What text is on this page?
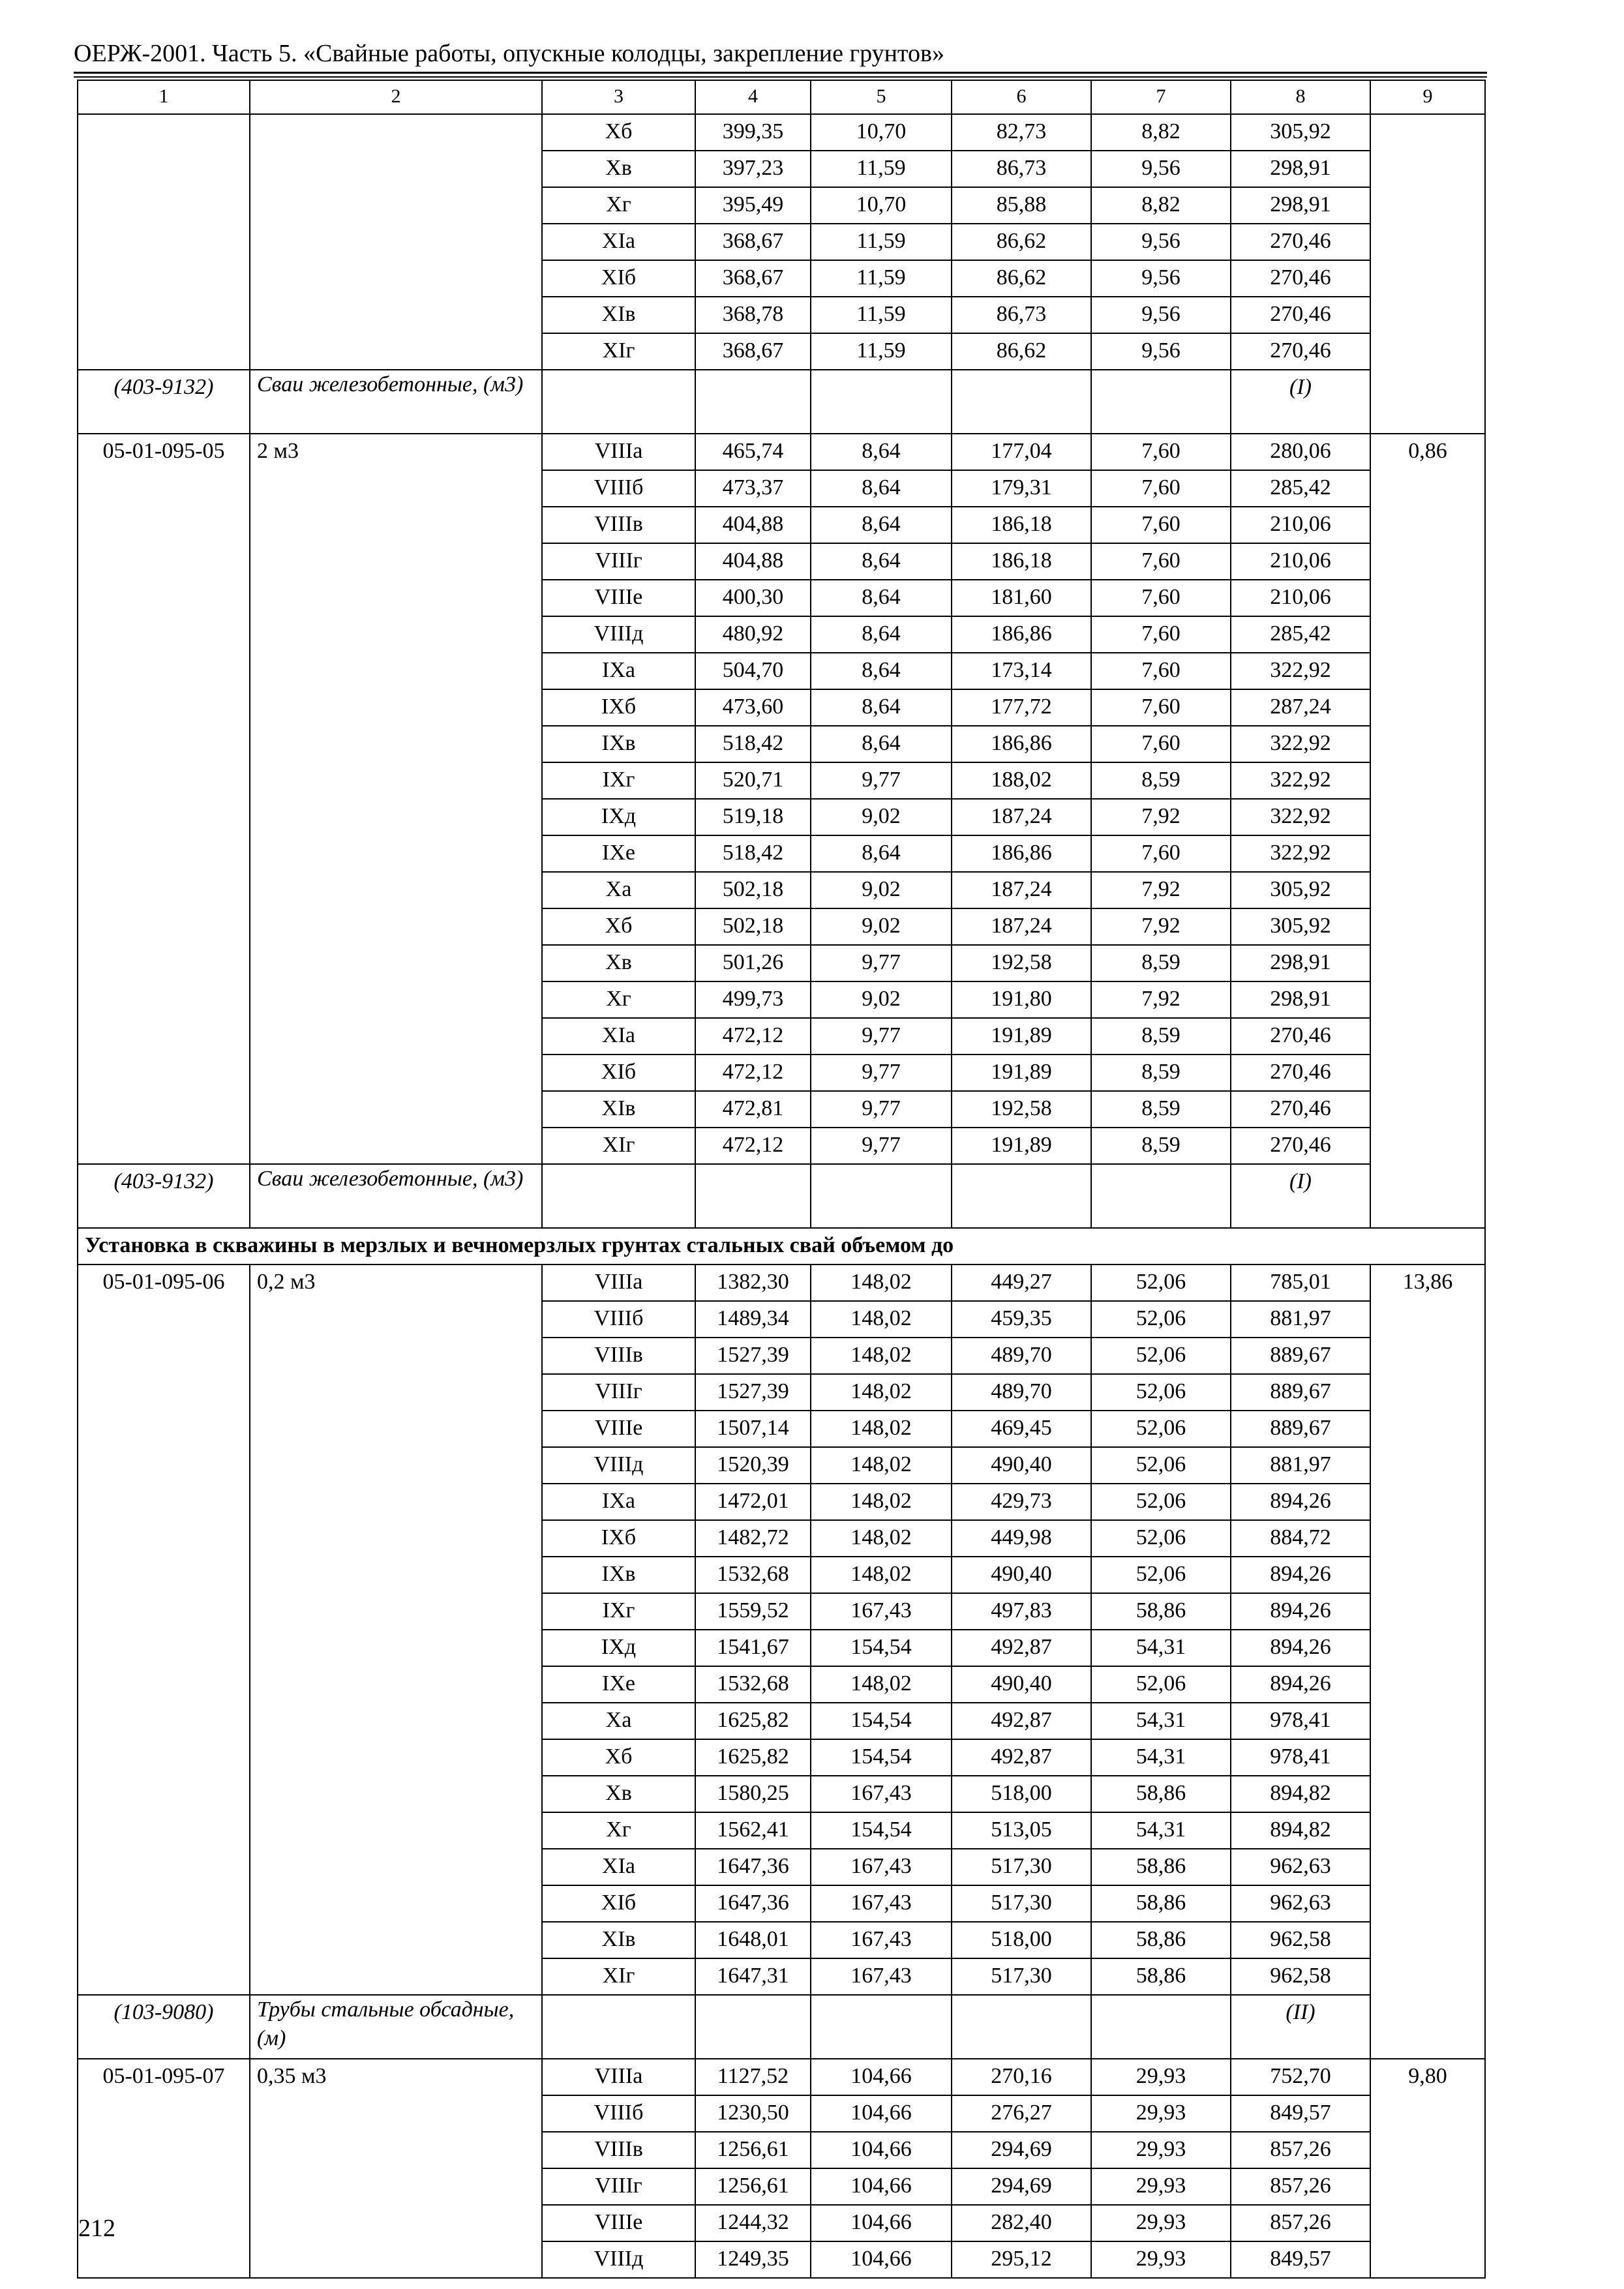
ОЕРЖ-2001. Часть 5. «Свайные работы, опускные колодцы, закрепление грунтов»
1	2	3	4	5	6	7	8	9
		Хб	399,35	10,70	82,73	8,82	305,92	
		Хв	397,23	11,59	86,73	9,56	298,91	
		Хг	395,49	10,70	85,88	8,82	298,91	
		ХIа	368,67	11,59	86,62	9,56	270,46	
		ХIб	368,67	11,59	86,62	9,56	270,46	
		ХIв	368,78	11,59	86,73	9,56	270,46	
		ХIг	368,67	11,59	86,62	9,56	270,46	
(403-9132)	Сваи железобетонные, (м3)						(I)	
05-01-095-05	2 м3	VIIIа	465,74	8,64	177,04	7,60	280,06	0,86
		VIIIб	473,37	8,64	179,31	7,60	285,42	
		VIIIв	404,88	8,64	186,18	7,60	210,06	
		VIIIг	404,88	8,64	186,18	7,60	210,06	
		VIIIе	400,30	8,64	181,60	7,60	210,06	
		VIIIд	480,92	8,64	186,86	7,60	285,42	
		IХа	504,70	8,64	173,14	7,60	322,92	
		IХб	473,60	8,64	177,72	7,60	287,24	
		IХв	518,42	8,64	186,86	7,60	322,92	
		IХг	520,71	9,77	188,02	8,59	322,92	
		IХд	519,18	9,02	187,24	7,92	322,92	
		IХе	518,42	8,64	186,86	7,60	322,92	
		Ха	502,18	9,02	187,24	7,92	305,92	
		Хб	502,18	9,02	187,24	7,92	305,92	
		Хв	501,26	9,77	192,58	8,59	298,91	
		Хг	499,73	9,02	191,80	7,92	298,91	
		ХIа	472,12	9,77	191,89	8,59	270,46	
		ХIб	472,12	9,77	191,89	8,59	270,46	
		ХIв	472,81	9,77	192,58	8,59	270,46	
		ХIг	472,12	9,77	191,89	8,59	270,46	
(403-9132)	Сваи железобетонные, (м3)						(I)	
Установка в скважины в мерзлых и вечномерзлых грунтах стальных свай объемом до								
05-01-095-06	0,2 м3	VIIIа	1382,30	148,02	449,27	52,06	785,01	13,86
		VIIIб	1489,34	148,02	459,35	52,06	881,97	
		VIIIв	1527,39	148,02	489,70	52,06	889,67	
		VIIIг	1527,39	148,02	489,70	52,06	889,67	
		VIIIе	1507,14	148,02	469,45	52,06	889,67	
		VIIIд	1520,39	148,02	490,40	52,06	881,97	
		IХа	1472,01	148,02	429,73	52,06	894,26	
		IХб	1482,72	148,02	449,98	52,06	884,72	
		IХв	1532,68	148,02	490,40	52,06	894,26	
		IХг	1559,52	167,43	497,83	58,86	894,26	
		IХд	1541,67	154,54	492,87	54,31	894,26	
		IХе	1532,68	148,02	490,40	52,06	894,26	
		Ха	1625,82	154,54	492,87	54,31	978,41	
		Хб	1625,82	154,54	492,87	54,31	978,41	
		Хв	1580,25	167,43	518,00	58,86	894,82	
		Хг	1562,41	154,54	513,05	54,31	894,82	
		ХIа	1647,36	167,43	517,30	58,86	962,63	
		ХIб	1647,36	167,43	517,30	58,86	962,63	
		ХIв	1648,01	167,43	518,00	58,86	962,58	
		ХIг	1647,31	167,43	517,30	58,86	962,58	
(103-9080)	Трубы стальные обсадные, (м)						(II)	
05-01-095-07	0,35 м3	VIIIа	1127,52	104,66	270,16	29,93	752,70	9,80
		VIIIб	1230,50	104,66	276,27	29,93	849,57	
		VIIIв	1256,61	104,66	294,69	29,93	857,26	
		VIIIг	1256,61	104,66	294,69	29,93	857,26	
		VIIIе	1244,32	104,66	282,40	29,93	857,26	
		VIIIд	1249,35	104,66	295,12	29,93	849,57	
212
